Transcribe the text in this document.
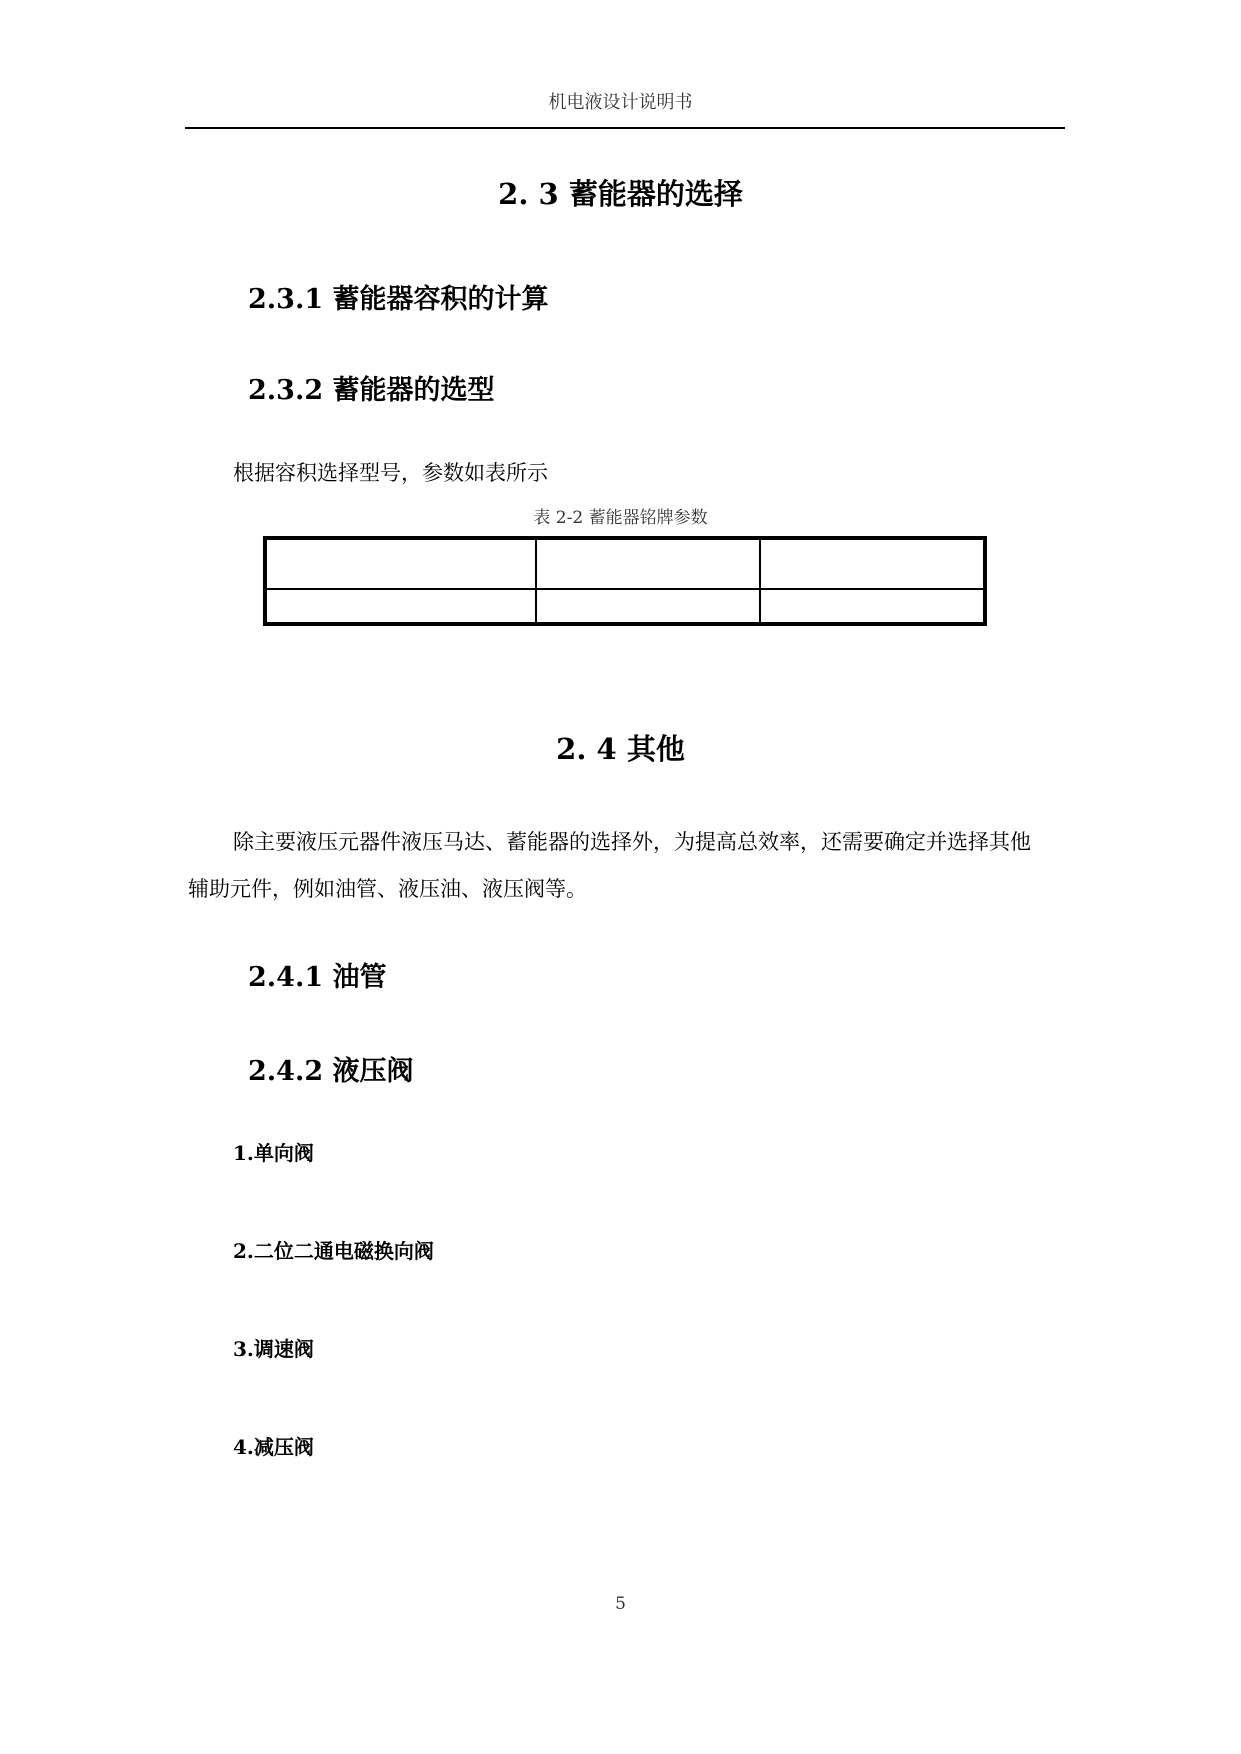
机电液设计说明书
2. 3 蓄能器的选择
2.3.1 蓄能器容积的计算
2.3.2 蓄能器的选型
根据容积选择型号，参数如表所示
表 2-2 蓄能器铭牌参数

2. 4 其他
除主要液压元器件液压马达、蓄能器的选择外，为提高总效率，还需要确定并选择其他
辅助元件，例如油管、液压油、液压阀等。
2.4.1 油管
2.4.2 液压阀
1.单向阀
2.二位二通电磁换向阀
3.调速阀
4.减压阀
5
